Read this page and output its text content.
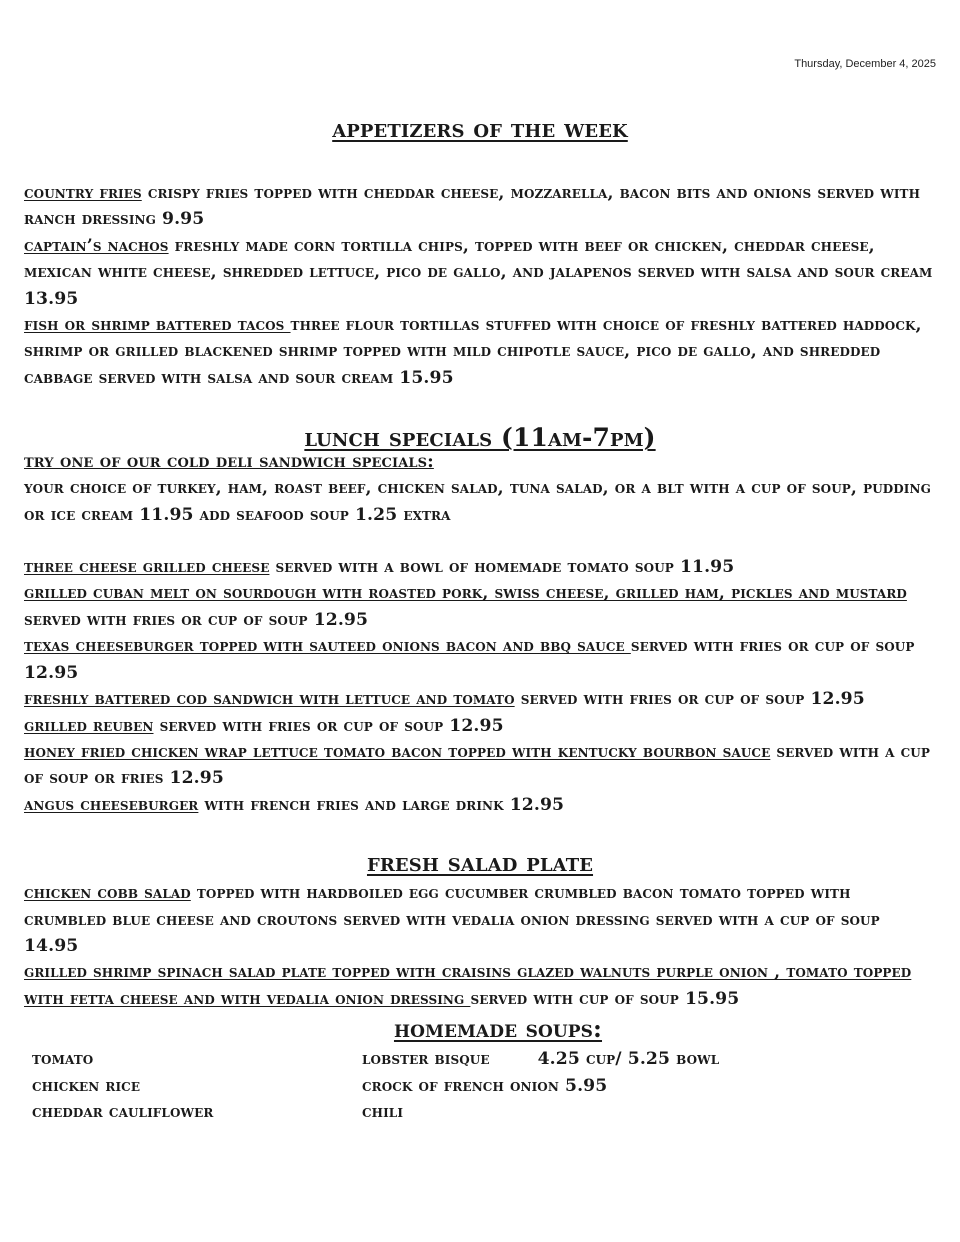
Thursday, December 4, 2025
appetizers of the week

country fries crispy fries topped with cheddar cheese, mozzarella, bacon bits and onions served with ranch dressing 9.95

captain’s nachos freshly made corn tortilla chips, topped with beef or chicken, cheddar cheese, mexican white cheese, shredded lettuce, pico de gallo, and jalapenos served with salsa and sour cream 13.95

fish or shrimp battered tacos three flour tortillas stuffed with choice of freshly battered haddock, shrimp or grilled blackened shrimp topped with mild chipotle sauce, pico de gallo, and shredded cabbage served with salsa and sour cream 15.95

lunch specials (11am-7pm)

try one of our cold deli sandwich specials:

your choice of turkey, ham, roast beef, chicken salad, tuna salad, or a blt with a cup of soup, pudding or ice cream 11.95 add seafood soup 1.25 extra

three cheese grilled cheese served with a bowl of homemade tomato soup 11.95

grilled cuban melt on sourdough with roasted pork, swiss cheese, grilled ham, pickles and mustard served with fries or cup of soup 12.95

texas cheeseburger topped with sauteed onions bacon and bbq sauce served with fries or cup of soup 12.95

freshly battered cod sandwich with lettuce and tomato served with fries or cup of soup 12.95

grilled reuben served with fries or cup of soup 12.95

honey fried chicken wrap lettuce tomato bacon topped with kentucky bourbon sauce served with a cup of soup or fries 12.95

angus cheeseburger with french fries and large drink 12.95

fresh salad plate

chicken cobb salad topped with hardboiled egg cucumber crumbled bacon tomato topped with crumbled blue cheese and croutons served with vedalia onion dressing served with a cup of soup 14.95

grilled shrimp spinach salad plate topped with craisins glazed walnuts purple onion , tomato topped with fetta cheese and with vedalia onion dressing served with cup of soup 15.95

homemade soups:
tomato
chicken rice
cheddar cauliflower
lobster bisque	4.25 cup/ 5.25 bowl
crock of french onion 5.95
chili
